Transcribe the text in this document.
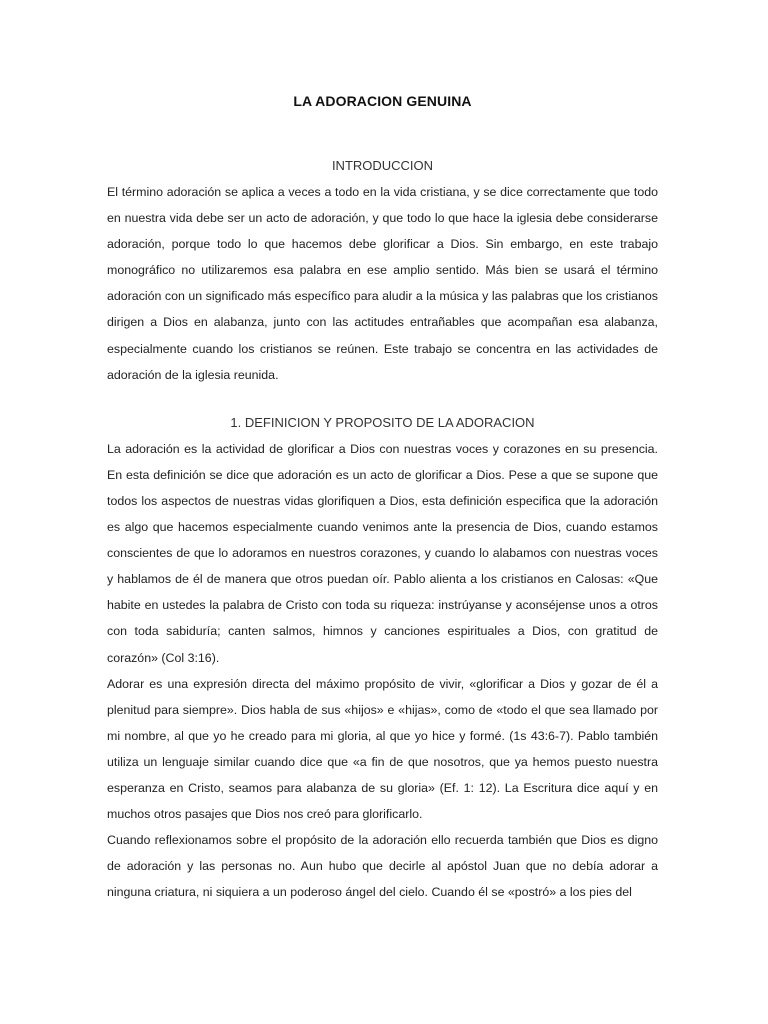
LA ADORACION GENUINA
INTRODUCCION

El término adoración se aplica a veces a todo en la vida cristiana, y se dice correctamente que todo en nuestra vida debe ser un acto de adoración, y que todo lo que hace la iglesia debe considerarse adoración, porque todo lo que hacemos debe glorificar a Dios. Sin embargo, en este trabajo monográfico no utilizaremos esa palabra en ese amplio sentido. Más bien se usará el término adoración con un significado más específico para aludir a la música y las palabras que los cristianos dirigen a Dios en alabanza, junto con las actitudes entrañables que acompañan esa alabanza, especialmente cuando los cristianos se reúnen. Este trabajo se concentra en las actividades de adoración de la iglesia reunida.

1. DEFINICION Y PROPOSITO DE LA ADORACION

La adoración es la actividad de glorificar a Dios con nuestras voces y corazones en su presencia. En esta definición se dice que adoración es un acto de glorificar a Dios. Pese a que se supone que todos los aspectos de nuestras vidas glorifiquen a Dios, esta definición especifica que la adoración es algo que hacemos especialmente cuando venimos ante la presencia de Dios, cuando estamos conscientes de que lo adoramos en nuestros corazones, y cuando lo alabamos con nuestras voces y hablamos de él de manera que otros puedan oír. Pablo alienta a los cristianos en Calosas: «Que habite en ustedes la palabra de Cristo con toda su riqueza: instrúyanse y aconséjense unos a otros con toda sabiduría; canten salmos, himnos y canciones espirituales a Dios, con gratitud de corazón» (Col 3:16).

Adorar es una expresión directa del máximo propósito de vivir, «glorificar a Dios y gozar de él a plenitud para siempre». Dios habla de sus «hijos» e «hijas», como de «todo el que sea llamado por mi nombre, al que yo he creado para mi gloria, al que yo hice y formé. (1s 43:6-7). Pablo también utiliza un lenguaje similar cuando dice que «a fin de que nosotros, que ya hemos puesto nuestra esperanza en Cristo, seamos para alabanza de su gloria» (Ef. 1: 12). La Escritura dice aquí y en muchos otros pasajes que Dios nos creó para glorificarlo.

Cuando reflexionamos sobre el propósito de la adoración ello recuerda también que Dios es digno de adoración y las personas no. Aun hubo que decirle al apóstol Juan que no debía adorar a ninguna criatura, ni siquiera a un poderoso ángel del cielo. Cuando él se «postró» a los pies del
